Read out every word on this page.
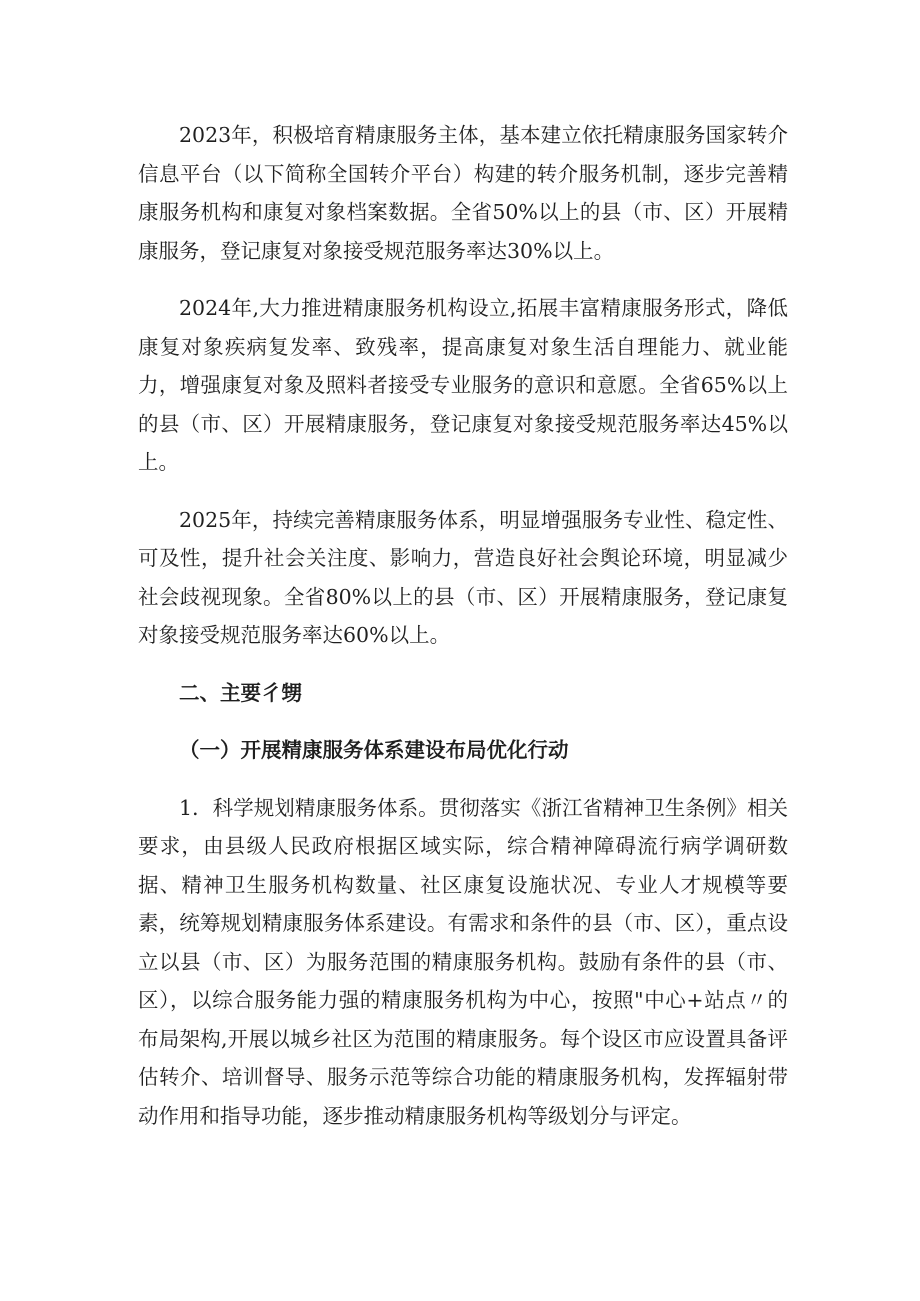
2023年，积极培育精康服务主体，基本建立依托精康服务国家转介信息平台（以下简称全国转介平台）构建的转介服务机制，逐步完善精康服务机构和康复对象档案数据。全省50%以上的县（市、区）开展精康服务，登记康复对象接受规范服务率达30%以上。

2024年,大力推进精康服务机构设立,拓展丰富精康服务形式，降低康复对象疾病复发率、致残率，提高康复对象生活自理能力、就业能力，增强康复对象及照料者接受专业服务的意识和意愿。全省65%以上的县（市、区）开展精康服务，登记康复对象接受规范服务率达45%以上。

2025年，持续完善精康服务体系，明显增强服务专业性、稳定性、可及性，提升社会关注度、影响力，营造良好社会舆论环境，明显减少社会歧视现象。全省80%以上的县（市、区）开展精康服务，登记康复对象接受规范服务率达60%以上。

二、主要彳甥

（一）开展精康服务体系建设布局优化行动

1．科学规划精康服务体系。贯彻落实《浙江省精神卫生条例》相关要求，由县级人民政府根据区域实际，综合精神障碍流行病学调研数据、精神卫生服务机构数量、社区康复设施状况、专业人才规模等要素，统筹规划精康服务体系建设。有需求和条件的县（市、区），重点设立以县（市、区）为服务范围的精康服务机构。鼓励有条件的县（市、区），以综合服务能力强的精康服务机构为中心，按照"中心+站点〃的布局架构,开展以城乡社区为范围的精康服务。每个设区市应设置具备评估转介、培训督导、服务示范等综合功能的精康服务机构，发挥辐射带动作用和指导功能，逐步推动精康服务机构等级划分与评定。
